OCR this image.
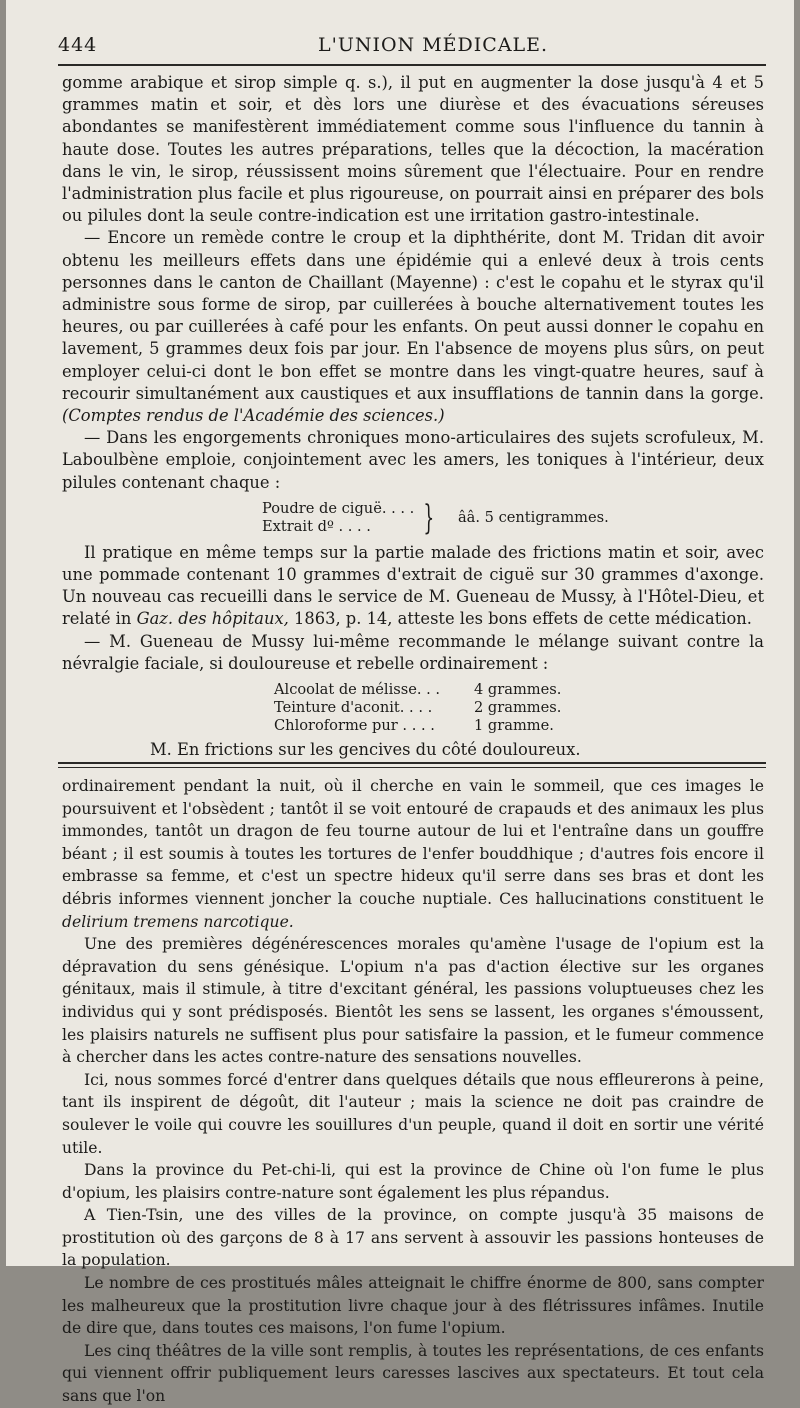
444	L'UNION MÉDICALE.

gomme arabique et sirop simple q. s.), il put en augmenter la dose jusqu'à 4 et 5 grammes matin et soir, et dès lors une diurèse et des évacuations séreuses abondantes se manifestèrent immédiatement comme sous l'influence du tannin à haute dose. Toutes les autres préparations, telles que la décoction, la macération dans le vin, le sirop, réussissent moins sûrement que l'électuaire. Pour en rendre l'administration plus facile et plus rigoureuse, on pourrait ainsi en préparer des bols ou pilules dont la seule contre-indication est une irritation gastro-intestinale.

— Encore un remède contre le croup et la diphthérite, dont M. Tridan dit avoir obtenu les meilleurs effets dans une épidémie qui a enlevé deux à trois cents personnes dans le canton de Chaillant (Mayenne) : c'est le copahu et le styrax qu'il administre sous forme de sirop, par cuillerées à bouche alternativement toutes les heures, ou par cuillerées à café pour les enfants. On peut aussi donner le copahu en lavement, 5 grammes deux fois par jour. En l'absence de moyens plus sûrs, on peut employer celui-ci dont le bon effet se montre dans les vingt-quatre heures, sauf à recourir simultanément aux caustiques et aux insufflations de tannin dans la gorge. (Comptes rendus de l'Académie des sciences.)

— Dans les engorgements chroniques mono-articulaires des sujets scrofuleux, M. Laboulbène emploie, conjointement avec les amers, les toniques à l'intérieur, deux pilules contenant chaque :

Poudre de ciguë. . . .
Extrait dº . . . .	} ââ. 5 centigrammes.

Il pratique en même temps sur la partie malade des frictions matin et soir, avec une pommade contenant 10 grammes d'extrait de ciguë sur 30 grammes d'axonge. Un nouveau cas recueilli dans le service de M. Gueneau de Mussy, à l'Hôtel-Dieu, et relaté in Gaz. des hôpitaux, 1863, p. 14, atteste les bons effets de cette médication.

— M. Gueneau de Mussy lui-même recommande le mélange suivant contre la névralgie faciale, si douloureuse et rebelle ordinairement :

Alcoolat de mélisse. . .	4 grammes.
Teinture d'aconit. . . .	2 grammes.
Chloroforme pur . . . .	1 gramme.

M. En frictions sur les gencives du côté douloureux.

ordinairement pendant la nuit, où il cherche en vain le sommeil, que ces images le poursuivent et l'obsèdent ; tantôt il se voit entouré de crapauds et des animaux les plus immondes, tantôt un dragon de feu tourne autour de lui et l'entraîne dans un gouffre béant ; il est soumis à toutes les tortures de l'enfer bouddhique ; d'autres fois encore il embrasse sa femme, et c'est un spectre hideux qu'il serre dans ses bras et dont les débris informes viennent joncher la couche nuptiale. Ces hallucinations constituent le delirium tremens narcotique.

Une des premières dégénérescences morales qu'amène l'usage de l'opium est la dépravation du sens génésique. L'opium n'a pas d'action élective sur les organes génitaux, mais il stimule, à titre d'excitant général, les passions voluptueuses chez les individus qui y sont prédisposés. Bientôt les sens se lassent, les organes s'émoussent, les plaisirs naturels ne suffisent plus pour satisfaire la passion, et le fumeur commence à chercher dans les actes contre-nature des sensations nouvelles.

Ici, nous sommes forcé d'entrer dans quelques détails que nous effleurerons à peine, tant ils inspirent de dégoût, dit l'auteur ; mais la science ne doit pas craindre de soulever le voile qui couvre les souillures d'un peuple, quand il doit en sortir une vérité utile.

Dans la province du Pet-chi-li, qui est la province de Chine où l'on fume le plus d'opium, les plaisirs contre-nature sont également les plus répandus.

A Tien-Tsin, une des villes de la province, on compte jusqu'à 35 maisons de prostitution où des garçons de 8 à 17 ans servent à assouvir les passions honteuses de la population.

Le nombre de ces prostitués mâles atteignait le chiffre énorme de 800, sans compter les malheureux que la prostitution livre chaque jour à des flétrissures infâmes. Inutile de dire que, dans toutes ces maisons, l'on fume l'opium.

Les cinq théâtres de la ville sont remplis, à toutes les représentations, de ces enfants qui viennent offrir publiquement leurs caresses lascives aux spectateurs. Et tout cela sans que l'on
